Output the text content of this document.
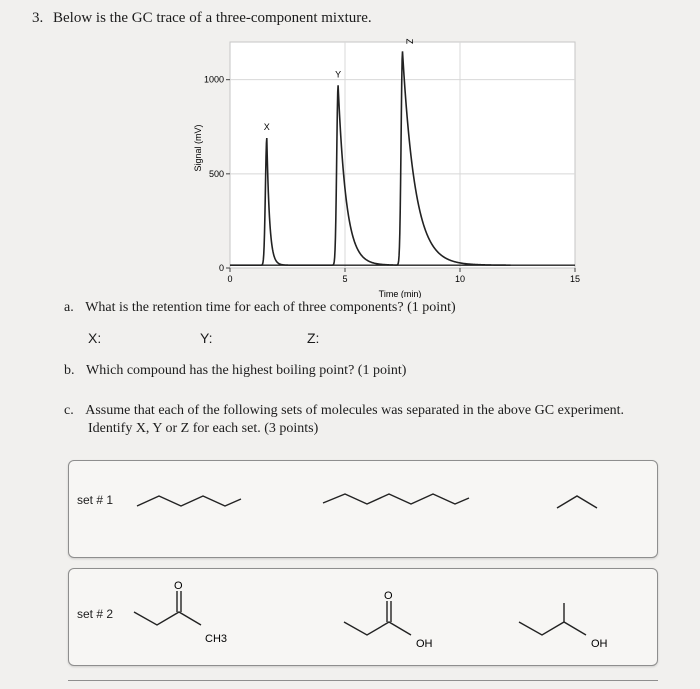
3. Below is the GC trace of a three-component mixture.
0
500
1000
0	5	10	15
X
Y
Z
Time (min)
Signal (mV)
a. What is the retention time for each of three components? (1 point)
X:	Y:	Z:
b. Which compound has the highest boiling point? (1 point)
c. Assume that each of the following sets of molecules was separated in the above GC experiment.
Identify X, Y or Z for each set. (3 points)
set # 1
set # 2
O
CH3
O
OH	OH
